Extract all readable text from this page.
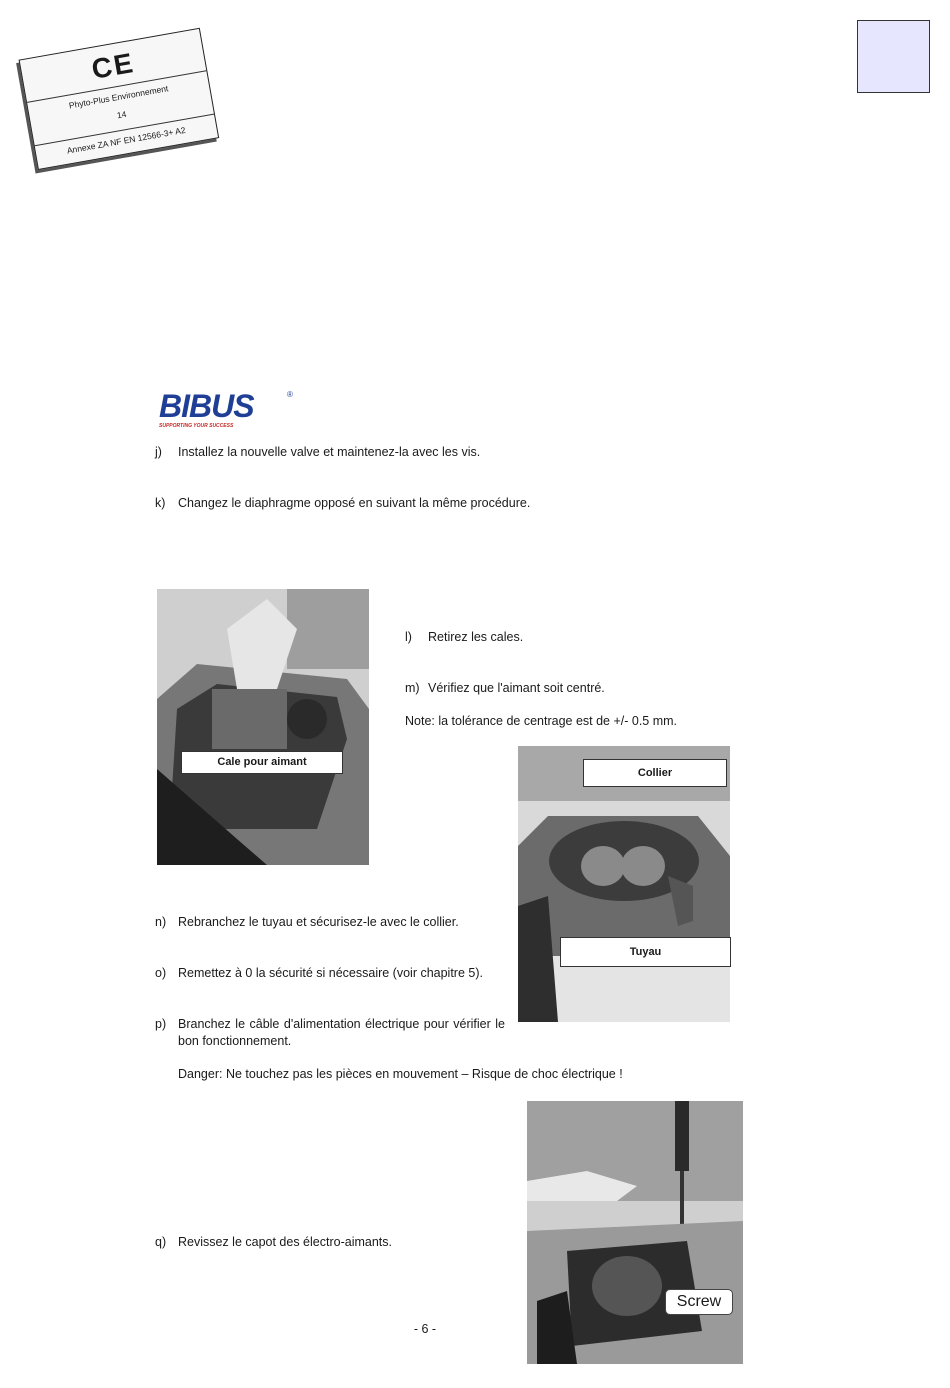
CE
Phyto-Plus Environnement
14
Annexe ZA NF EN 12566-3+ A2
BIBUS	®
SUPPORTING YOUR SUCCESS
j)	Installez la nouvelle valve et maintenez-la avec les vis.
k)	Changez le diaphragme opposé en suivant la même procédure.
Cale pour aimant
l)	Retirez les cales.
m) Vérifiez que l'aimant soit centré.
Note: la tolérance de centrage est de +/- 0.5 mm.
Collier
Tuyau
n) Rebranchez le tuyau et sécurisez-le avec le collier.
o) Remettez à 0 la sécurité si nécessaire (voir chapitre 5).
p) Branchez le câble d'alimentation électrique pour vérifier le bon fonctionnement.
Danger: Ne touchez pas les pièces en mouvement – Risque de choc électrique !
Screw
q) Revissez le capot des électro-aimants.
- 6 -
